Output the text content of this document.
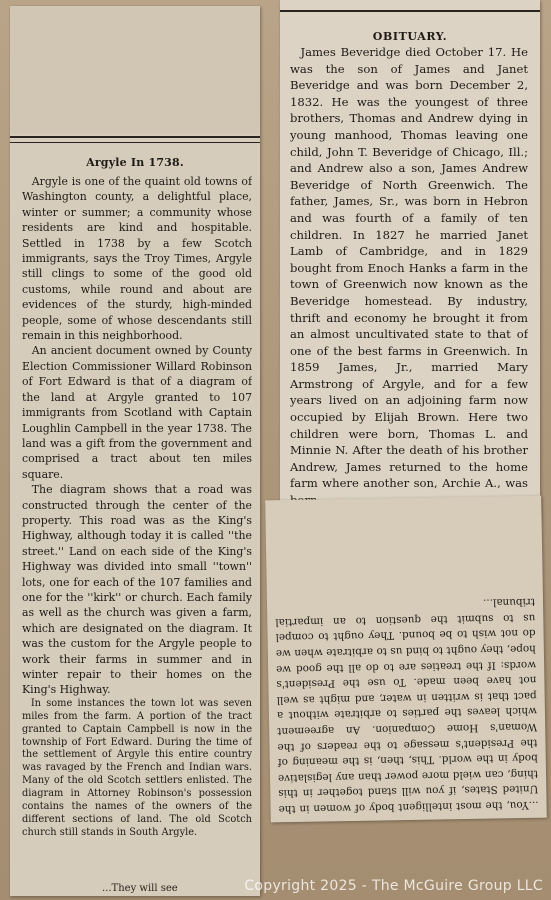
Argyle In 1738.

Argyle is one of the quaint old towns of Washington county, a delightful place, winter or summer; a community whose residents are kind and hospitable. Settled in 1738 by a few Scotch immigrants, says the Troy Times, Argyle still clings to some of the good old customs, while round and about are evidences of the sturdy, high-minded people, some of whose descendants still remain in this neighborhood.

An ancient document owned by County Election Commissioner Willard Robinson of Fort Edward is that of a diagram of the land at Argyle granted to 107 immigrants from Scotland with Captain Loughlin Campbell in the year 1738. The land was a gift from the government and comprised a tract about ten miles square.

The diagram shows that a road was constructed through the center of the property. This road was as the King's Highway, although today it is called ''the street.'' Land on each side of the King's Highway was divided into small ''town'' lots, one for each of the 107 families and one for the ''kirk'' or church. Each family as well as the church was given a farm, which are designated on the diagram. It was the custom for the Argyle people to work their farms in summer and in winter repair to their homes on the King's Highway.

In some instances the town lot was seven miles from the farm. A portion of the tract granted to Captain Campbell is now in the township of Fort Edward. During the time of the settlement of Argyle this entire country was ravaged by the French and Indian wars. Many of the old Scotch settlers enlisted. The diagram in Attorney Robinson's possession contains the names of the owners of the different sections of land. The old Scotch church still stands in South Argyle.

...They will see
OBITUARY.

James Beveridge died October 17. He was the son of James and Janet Beveridge and was born December 2, 1832. He was the youngest of three brothers, Thomas and Andrew dying in young manhood, Thomas leaving one child, John T. Beveridge of Chicago, Ill.; and Andrew also a son, James Andrew Beveridge of North Greenwich. The father, James, Sr., was born in Hebron and was fourth of a family of ten children. In 1827 he married Janet Lamb of Cambridge, and in 1829 bought from Enoch Hanks a farm in the town of Greenwich now known as the Beveridge homestead. By industry, thrift and economy he brought it from an almost uncultivated state to that of one of the best farms in Greenwich. In 1859 James, Jr., married Mary Armstrong of Argyle, and for a few years lived on an adjoining farm now occupied by Elijah Brown. Here two children were born, Thomas L. and Minnie N. After the death of his brother Andrew, James returned to the home farm where another son, Archie A., was

...You, the most intelligent body of women in the United States, if you will stand together in this thing, can wield more power than any legislative body in the world. This, then, is the meaning of the President's message to the readers of the Woman's Home Companion. An agreement which leaves the parties to arbitrate without a pact that is written in water, and might as well not have been made. To use the President's words: If the treaties are to do all the good we hope, they ought to bind us to arbitrate when we do not wish to be bound. They ought to compel us to submit the question to an impartial tribunal...

Copyright 2025 - The McGuire Group LLC
